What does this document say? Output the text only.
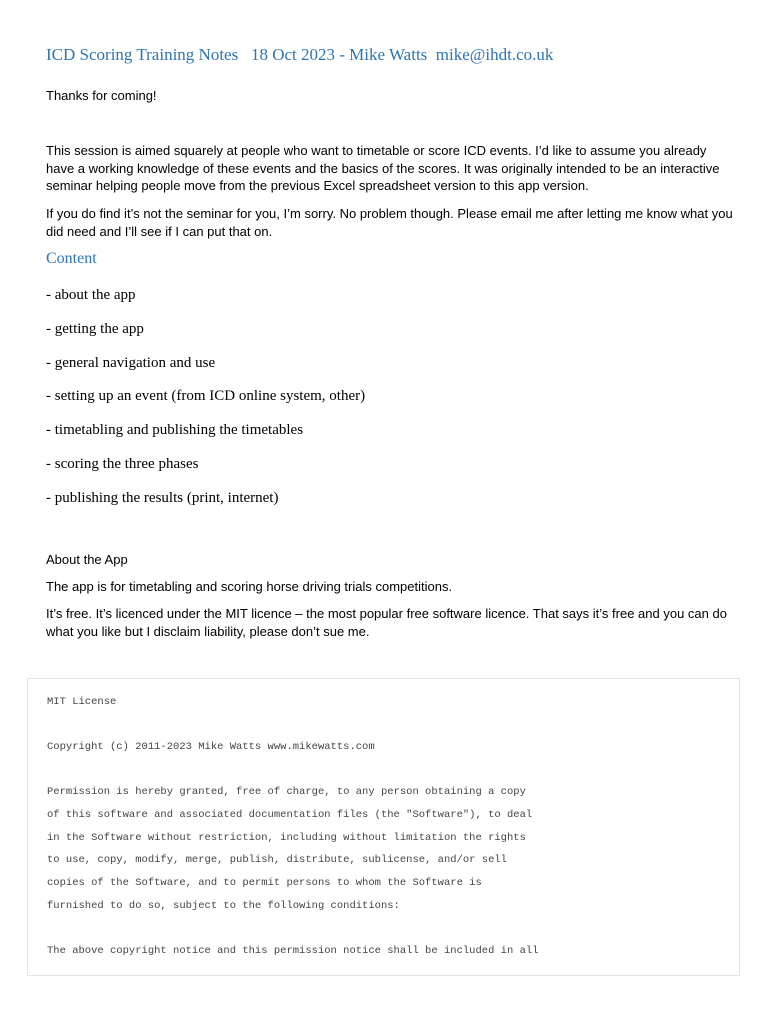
ICD Scoring Training Notes   18 Oct 2023 - Mike Watts  mike@ihdt.co.uk

Thanks for coming!

This session is aimed squarely at people who want to timetable or score ICD events. I’d like to assume you already have a working knowledge of these events and the basics of the scores. It was originally intended to be an interactive seminar helping people move from the previous Excel spreadsheet version to this app version.

If you do find it’s not the seminar for you, I’m sorry. No problem though. Please email me after letting me know what you did need and I’ll see if I can put that on.

Content
- about the app
- getting the app
- general navigation and use
- setting up an event (from ICD online system, other)
- timetabling and publishing the timetables
- scoring the three phases
- publishing the results (print, internet)

About the App

The app is for timetabling and scoring horse driving trials competitions.

It’s free. It’s licenced under the MIT licence – the most popular free software licence. That says it’s free and you can do what you like but I disclaim liability, please don’t sue me.

MIT License
Copyright (c) 2011-2023 Mike Watts www.mikewatts.com
Permission is hereby granted, free of charge, to any person obtaining a copy
of this software and associated documentation files (the "Software"), to deal
in the Software without restriction, including without limitation the rights
to use, copy, modify, merge, publish, distribute, sublicense, and/or sell
copies of the Software, and to permit persons to whom the Software is
furnished to do so, subject to the following conditions:
The above copyright notice and this permission notice shall be included in all
